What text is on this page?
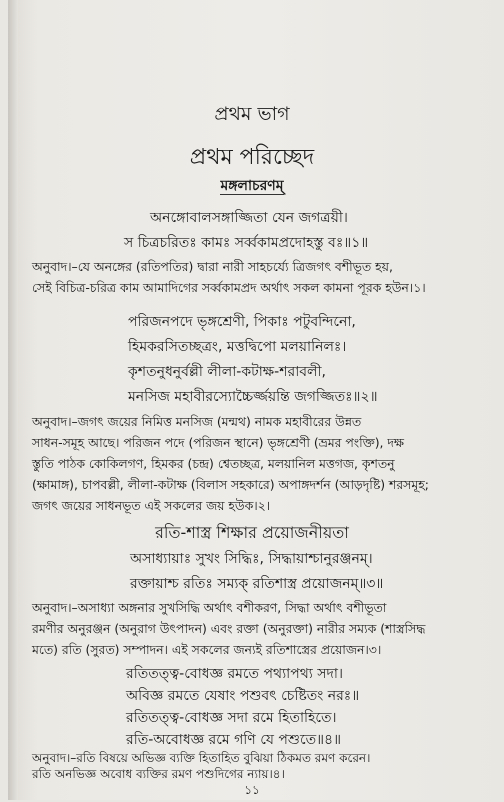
প্রথম ভাগ
প্রথম পরিচ্ছেদ
মঙ্গলাচরণম্
অনঙ্গোবালসঙ্গাজ্জিতা যেন জগত্রয়ী।
স চিত্ৰচরিতঃ কামঃ সৰ্ব্বকামপ্রদোহস্তু বঃ॥১॥
অনুবাদ।–যে অনঙ্গের (রতিপতির) দ্বারা নারী সাহচর্য্যে ত্রিজগৎ বশীভূত হয়,
সেই বিচিত্র-চরিত্র কাম আমাদিগের সর্ব্বকামপ্রদ অর্থাৎ সকল কামনা পূরক হউন।১।
পরিজনপদে ভৃঙ্গশ্রেণী, পিকাঃ পটুবন্দিনো,
হিমকরসিতচ্ছত্রং, মত্তদ্বিপো মলয়ানিলঃ।
কৃশতনুধনুর্বল্লী লীলা-কটাক্ষ-শরাবলী,
মনসিজ মহাবীরস্যোচ্চৈর্জ্জয়ন্তি জগজ্জিতঃ॥২॥
অনুবাদ।–জগৎ জয়ের নিমিত্ত মনসিজ (মন্মথ) নামক মহাবীরের উন্নত
সাধন-সমূহ আছে। পরিজন পদে (পরিজন স্থানে) ভৃঙ্গশ্রেণী (ভ্রমর পংক্তি), দক্ষ
স্তুতি পাঠক কোকিলগণ, হিমকর (চন্দ্র) শ্বেতচ্ছত্র, মলয়ানিল মত্তগজ, কৃশতনু
(ক্ষামাঙ্গ), চাপবল্লী, লীলা-কটাক্ষ (বিলাস সহকারে) অপাঙ্গদর্শন (আড়দৃষ্টি) শরসমূহ;
জগৎ জয়ের সাধনভূত এই সকলের জয় হউক।২।
রতি-শাস্ত্র শিক্ষার প্রয়োজনীয়তা
অসাধ্যায়াঃ সুখং সিদ্ধিঃ, সিদ্ধায়াশ্চানুরঞ্জনম্।
রক্তায়াশ্চ রতিঃ সম্যক্ রতিশাস্ত্র প্রয়োজনম্॥৩॥
অনুবাদ।–অসাধ্যা অঙ্গনার সুখসিদ্ধি অর্থাৎ বশীকরণ, সিদ্ধা অর্থাৎ বশীভূতা
রমণীর অনুরঞ্জন (অনুরাগ উৎপাদন) এবং রক্তা (অনুরক্তা) নারীর সম্যক (শাস্ত্রসিদ্ধ
মতে) রতি (সুরত) সম্পাদন। এই সকলের জন্যই রতিশাস্ত্রের প্রয়োজন।৩।
রতিতত্ত্ব-বোধজ্ঞ রমতে পথ্যাপথ্য সদা।
অবিজ্ঞ রমতে যেষাং পশুবৎ চেষ্টিতং নরঃ॥
রতিতত্ত্ব-বোধজ্ঞ সদা রমে হিতাহিতে।
রতি-অবোধজ্ঞ রমে গণি যে পশুতে॥৪॥
১১
অনুবাদ।–রতি বিষয়ে অভিজ্ঞ ব্যক্তি হিতাহিত বুঝিয়া ঠিকমত রমণ করেন।
রতি অনভিজ্ঞ অবোধ ব্যক্তির রমণ পশুদিগের ন্যায়।৪।
